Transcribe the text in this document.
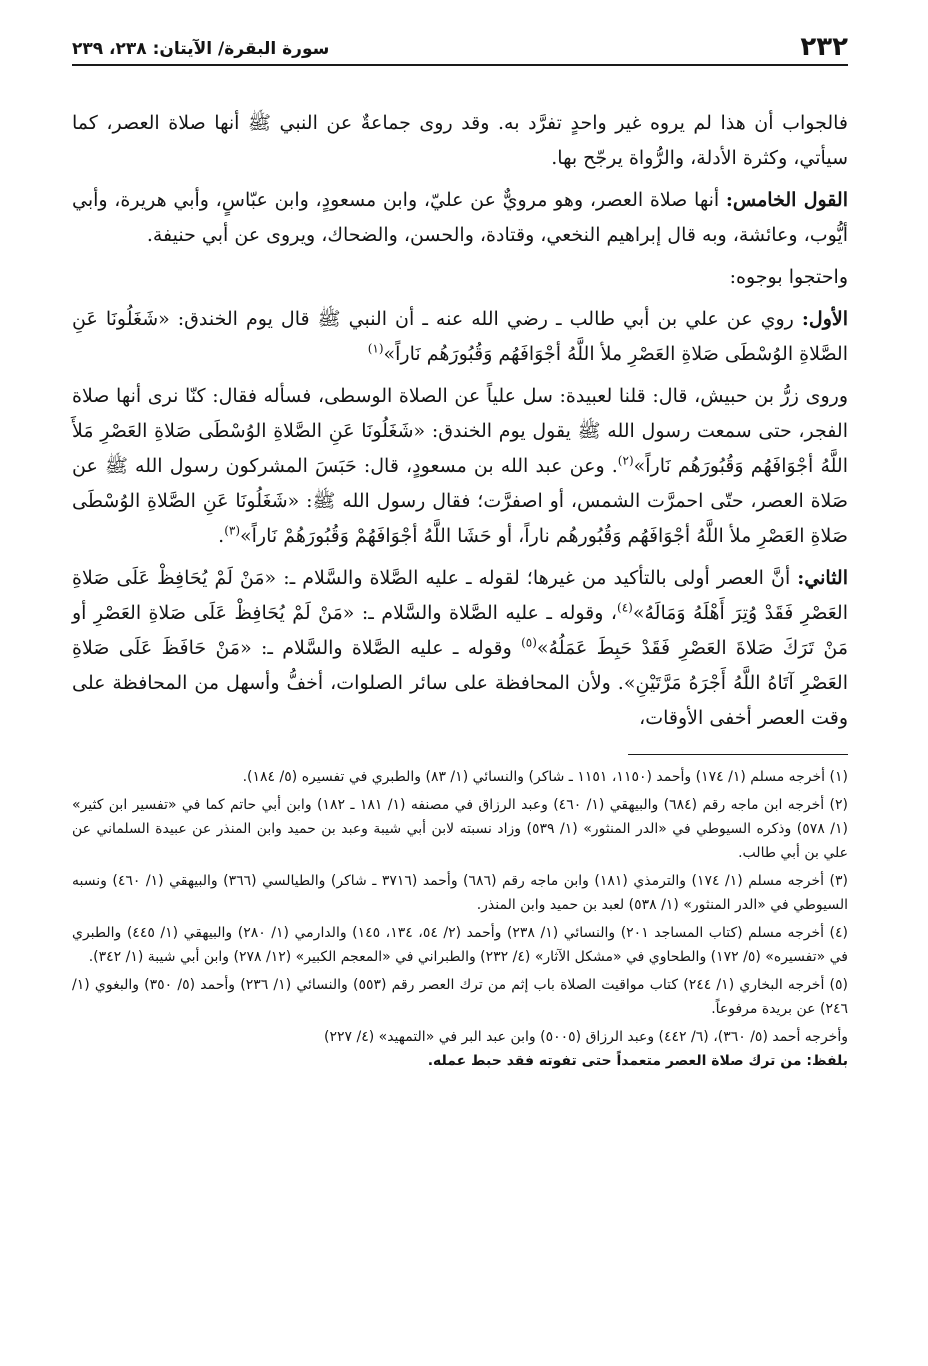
٢٣٢
سورة البقرة/ الآيتان: ٢٣٨، ٢٣٩

فالجواب أن هذا لم يروه غير واحدٍ تفرَّد به. وقد روى جماعةٌ عن النبي ﷺ أنها صلاة العصر، كما سيأتي، وكثرة الأدلة، والرُّواة يرجّح بها.

القول الخامس: أنها صلاة العصر، وهو مرويٌّ عن عليّ، وابن مسعودٍ، وابن عبّاسٍ، وأبي هريرة، وأبي أيُّوب، وعائشة، وبه قال إبراهيم النخعي، وقتادة، والحسن، والضحاك، ويروى عن أبي حنيفة.

واحتجوا بوجوه:

الأول: روي عن علي بن أبي طالب ـ رضي الله عنه ـ أن النبي ﷺ قال يوم الخندق: «شَغَلُونَا عَنِ الصَّلاةِ الوُسْطَى صَلاةِ العَصْرِ ملأ اللَّهُ أجْوَافَهُم وَقُبُورَهُم نَاراً»$^{(١)}$

وروى زرُّ بن حبيش، قال: قلنا لعبيدة: سل علياً عن الصلاة الوسطى، فسأله فقال: كنّا نرى أنها صلاة الفجر، حتى سمعت رسول الله ﷺ يقول يوم الخندق: «شَغَلُونَا عَنِ الصَّلاةِ الوُسْطَى صَلاةِ العَصْرِ مَلأَ اللَّهُ أجْوَافَهُم وَقُبُورَهُم نَاراً»$^{(٢)}$. وعن عبد الله بن مسعودٍ، قال: حَبَسَ المشركون رسول الله ﷺ عن صَلاة العصر، حتّى احمرَّت الشمس، أو اصفرَّت؛ فقال رسول الله ﷺ: «شَغَلُونَا عَنِ الصَّلاةِ الوُسْطَى صَلاةِ العَصْرِ ملأ اللَّهُ أجْوَافَهُم وَقُبُورهُم ناراً، أو حَشَا اللَّهُ أجْوَافَهُمْ وَقُبُورَهُمْ نَاراً»$^{(٣)}$.

الثاني: أنَّ العصر أولى بالتأكيد من غيرها؛ لقوله ـ عليه الصَّلاة والسَّلام ـ: «مَنْ لَمْ يُحَافِظْ عَلَى صَلاةِ العَصْرِ فَقَدْ وُتِرَ أَهْلَهُ وَمَالَهُ»$^{(٤)}$، وقوله ـ عليه الصَّلاة والسَّلام ـ: «مَنْ لَمْ يُحَافِظْ عَلَى صَلاةِ العَصْرِ أو مَنْ تَرَكَ صَلاةَ العَصْرِ فَقَدْ حَبِطَ عَمَلُهُ»$^{(٥)}$ وقوله ـ عليه الصَّلاة والسَّلام ـ: «مَنْ حَافَظَ عَلَى صَلاةِ العَصْرِ آتَاهُ اللَّهُ أَجْرَهُ مَرَّتَيْنِ». ولأن المحافظة على سائر الصلوات، أخفُّ وأسهل من المحافظة على وقت العصر أخفى الأوقات،

(١) أخرجه مسلم (١/ ١٧٤) وأحمد (١١٥٠، ١١٥١ ـ شاكر) والنسائي (١/ ٨٣) والطبري في تفسيره (٥/ ١٨٤).

(٢) أخرجه ابن ماجه رقم (٦٨٤) والبيهقي (١/ ٤٦٠) وعبد الرزاق في مصنفه (١/ ١٨١ ـ ١٨٢) وابن أبي حاتم كما في «تفسير ابن كثير» (١/ ٥٧٨) وذكره السيوطي في «الدر المنثور» (١/ ٥٣٩) وزاد نسبته لابن أبي شيبة وعبد بن حميد وابن المنذر عن عبيدة السلماني عن علي بن أبي طالب.

(٣) أخرجه مسلم (١/ ١٧٤) والترمذي (١٨١) وابن ماجه رقم (٦٨٦) وأحمد (٣٧١٦ ـ شاكر) والطيالسي (٣٦٦) والبيهقي (١/ ٤٦٠) ونسبه السيوطي في «الدر المنثور» (١/ ٥٣٨) لعبد بن حميد وابن المنذر.

(٤) أخرجه مسلم (كتاب المساجد ٢٠١) والنسائي (١/ ٢٣٨) وأحمد (٢/ ٥٤، ١٣٤، ١٤٥) والدارمي (١/ ٢٨٠) والبيهقي (١/ ٤٤٥) والطبري في «تفسيره» (٥/ ١٧٢) والطحاوي في «مشكل الآثار» (٤/ ٢٣٢) والطبراني في «المعجم الكبير» (١٢/ ٢٧٨) وابن أبي شيبة (١/ ٣٤٢).

(٥) أخرجه البخاري (١/ ٢٤٤) كتاب مواقيت الصلاة باب إثم من ترك العصر رقم (٥٥٣) والنسائي (١/ ٢٣٦) وأحمد (٥/ ٣٥٠) والبغوي (١/ ٢٤٦) عن بريدة مرفوعاً.

وأخرجه أحمد (٥/ ٣٦٠)، (٦/ ٤٤٢) وعبد الرزاق (٥٠٠٥) وابن عبد البر في «التمهيد» (٤/ ٢٢٧)
بلفظ: من ترك صلاة العصر متعمداً حتى تفوته فقد حبط عمله.
